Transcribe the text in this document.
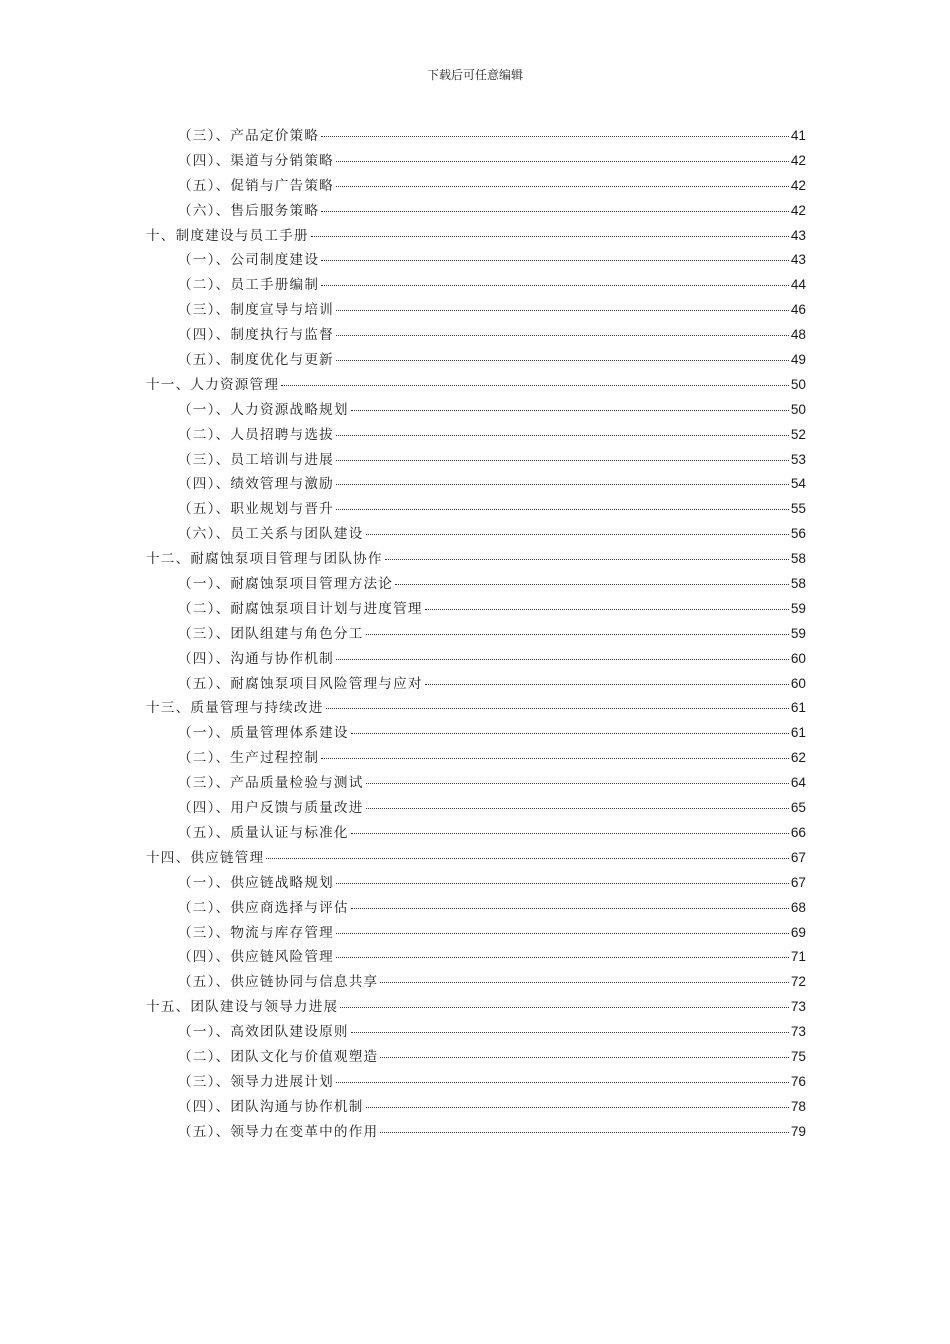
下载后可任意编辑
（三）、产品定价策略	41
（四）、渠道与分销策略	42
（五）、促销与广告策略	42
（六）、售后服务策略	42
十、制度建设与员工手册	43
（一）、公司制度建设	43
（二）、员工手册编制	44
（三）、制度宣导与培训	46
（四）、制度执行与监督	48
（五）、制度优化与更新	49
十一、人力资源管理	50
（一）、人力资源战略规划	50
（二）、人员招聘与选拔	52
（三）、员工培训与进展	53
（四）、绩效管理与激励	54
（五）、职业规划与晋升	55
（六）、员工关系与团队建设	56
十二、耐腐蚀泵项目管理与团队协作	58
（一）、耐腐蚀泵项目管理方法论	58
（二）、耐腐蚀泵项目计划与进度管理	59
（三）、团队组建与角色分工	59
（四）、沟通与协作机制	60
（五）、耐腐蚀泵项目风险管理与应对	60
十三、质量管理与持续改进	61
（一）、质量管理体系建设	61
（二）、生产过程控制	62
（三）、产品质量检验与测试	64
（四）、用户反馈与质量改进	65
（五）、质量认证与标准化	66
十四、供应链管理	67
（一）、供应链战略规划	67
（二）、供应商选择与评估	68
（三）、物流与库存管理	69
（四）、供应链风险管理	71
（五）、供应链协同与信息共享	72
十五、团队建设与领导力进展	73
（一）、高效团队建设原则	73
（二）、团队文化与价值观塑造	75
（三）、领导力进展计划	76
（四）、团队沟通与协作机制	78
（五）、领导力在变革中的作用	79
